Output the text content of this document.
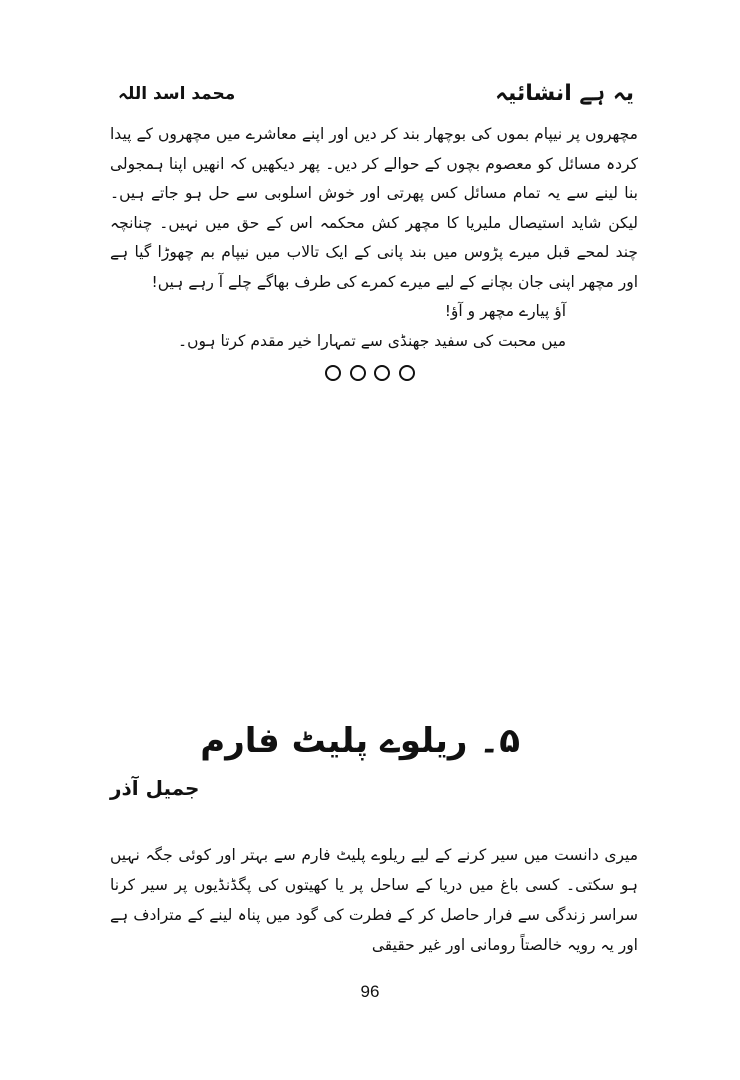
یہ ہے انشائیہ
محمد اسد اللہ

مچھروں پر نیپام بموں کی بوچھار بند کر دیں اور اپنے معاشرے میں مچھروں کے پیدا کردہ مسائل کو معصوم بچوں کے حوالے کر دیں۔ پھر دیکھیں کہ انھیں اپنا ہمجولی بنا لینے سے یہ تمام مسائل کس پھرتی اور خوش اسلوبی سے حل ہو جاتے ہیں۔ لیکن شاید استیصال ملیریا کا مچھر کش محکمہ اس کے حق میں نہیں۔ چنانچہ چند لمحے قبل میرے پڑوس میں بند پانی کے ایک تالاب میں نیپام بم چھوڑا گیا ہے اور مچھر اپنی جان بچانے کے لیے میرے کمرے کی طرف بھاگے چلے آ رہے ہیں!

آؤ پیارے مچھر و آؤ!

میں محبت کی سفید جھنڈی سے تمہارا خیر مقدم کرتا ہوں۔

۵۔ ریلوے پلیٹ فارم
جمیل آذر

میری دانست میں سیر کرنے کے لیے ریلوے پلیٹ فارم سے بہتر اور کوئی جگہ نہیں ہو سکتی۔ کسی باغ میں دریا کے ساحل پر یا کھیتوں کی پگڈنڈیوں پر سیر کرنا سراسر زندگی سے فرار حاصل کر کے فطرت کی گود میں پناہ لینے کے مترادف ہے اور یہ رویہ خالصتاً رومانی اور غیر حقیقی

96
